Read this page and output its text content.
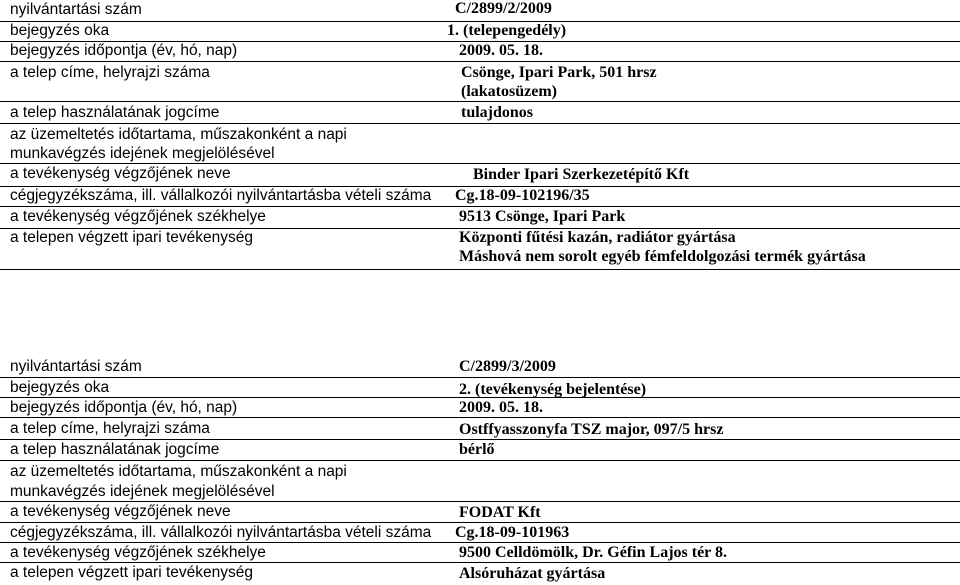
nyilvántartási szám	C/2899/2/2009
bejegyzés oka	1. (telepengedély)
bejegyzés időpontja (év, hó, nap)	2009. 05. 18.
a telep címe, helyrajzi száma	Csönge, Ipari Park, 501 hrsz
(lakatosüzem)
a telep használatának jogcíme	tulajdonos
az üzemeltetés időtartama, műszakonként a napi munkavégzés idejének megjelölésével
a tevékenység végzőjének neve	Binder Ipari Szerkezetépítő Kft
cégjegyzékszáma, ill. vállalkozói nyilvántartásba vételi száma Cg.18-09-102196/35
a tevékenység végzőjének székhelye	9513 Csönge, Ipari Park
a telepen végzett ipari tevékenység	Központi fűtési kazán, radiátor gyártása
Máshová nem sorolt egyéb fémfeldolgozási termék gyártása
nyilvántartási szám	C/2899/3/2009
bejegyzés oka	2. (tevékenység bejelentése)
bejegyzés időpontja (év, hó, nap)	2009. 05. 18.
a telep címe, helyrajzi száma	Ostffyasszonyfa TSZ major, 097/5 hrsz
a telep használatának jogcíme	bérlő
az üzemeltetés időtartama, műszakonként a napi munkavégzés idejének megjelölésével
a tevékenység végzőjének neve	FODAT Kft
cégjegyzékszáma, ill. vállalkozói nyilvántartásba vételi száma Cg.18-09-101963
a tevékenység végzőjének székhelye	9500 Celldömölk, Dr. Géfin Lajos tér 8.
a telepen végzett ipari tevékenység	Alsóruházat gyártása
